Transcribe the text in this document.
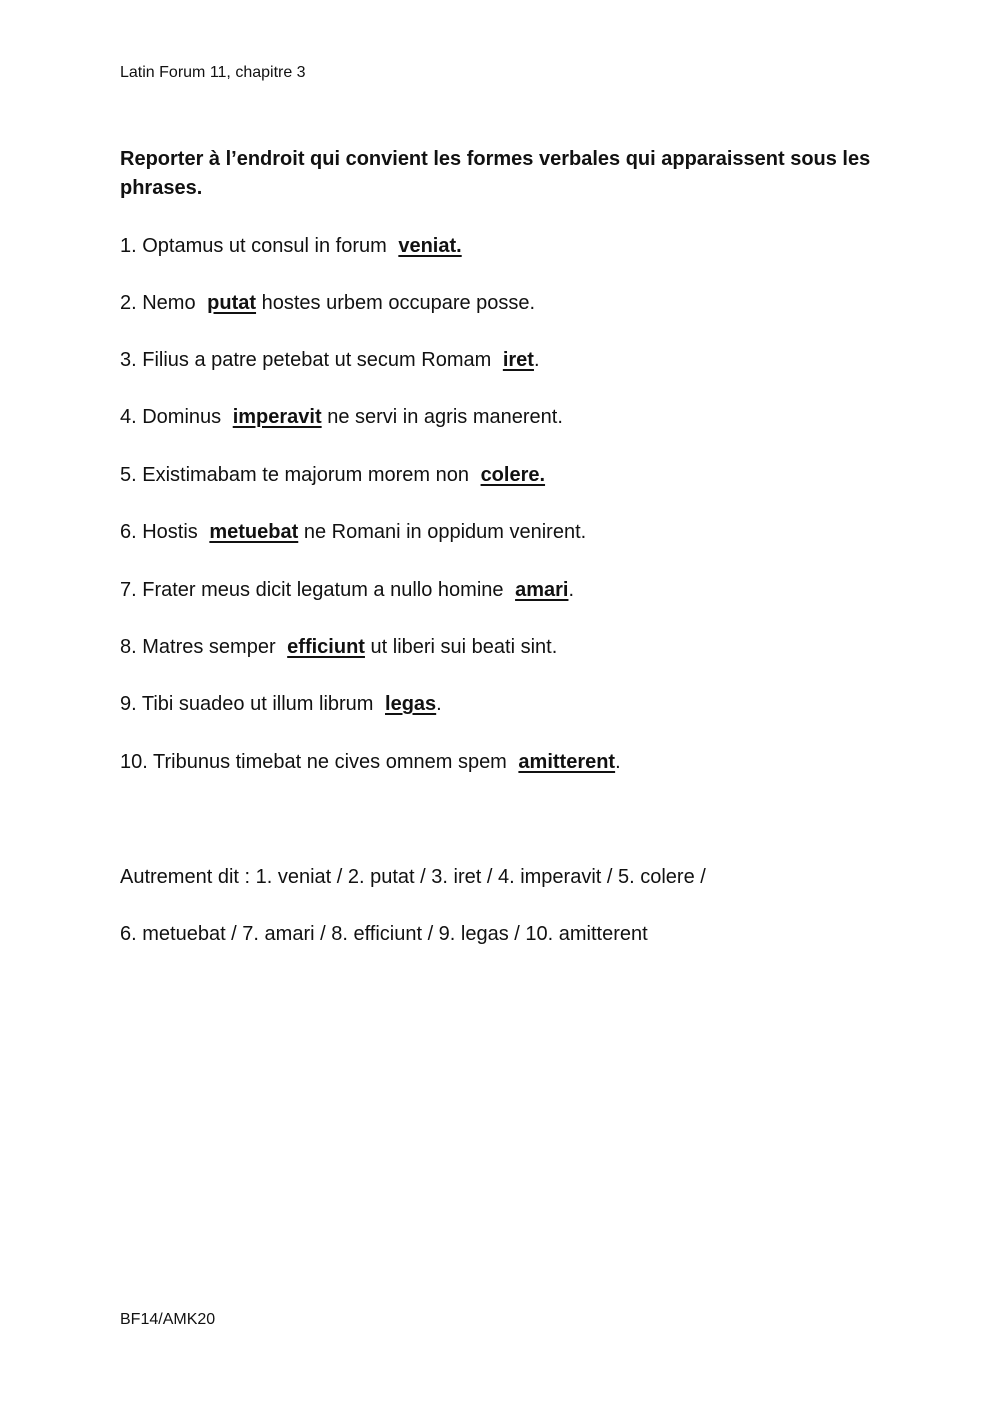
Latin Forum 11, chapitre 3
Reporter à l’endroit qui convient les formes verbales qui apparaissent sous les phrases.
1. Optamus ut consul in forum veniat.
2. Nemo putat hostes urbem occupare posse.
3. Filius a patre petebat ut secum Romam iret.
4. Dominus imperavit ne servi in agris manerent.
5. Existimabam te majorum morem non colere.
6. Hostis metuebat ne Romani in oppidum venirent.
7. Frater meus dicit legatum a nullo homine amari.
8. Matres semper efficiunt ut liberi sui beati sint.
9. Tibi suadeo ut illum librum legas.
10. Tribunus timebat ne cives omnem spem amitterent.
Autrement dit : 1. veniat / 2. putat / 3. iret / 4. imperavit / 5. colere /
6. metuebat / 7. amari / 8. efficiunt / 9. legas / 10. amitterent
BF14/AMK20
